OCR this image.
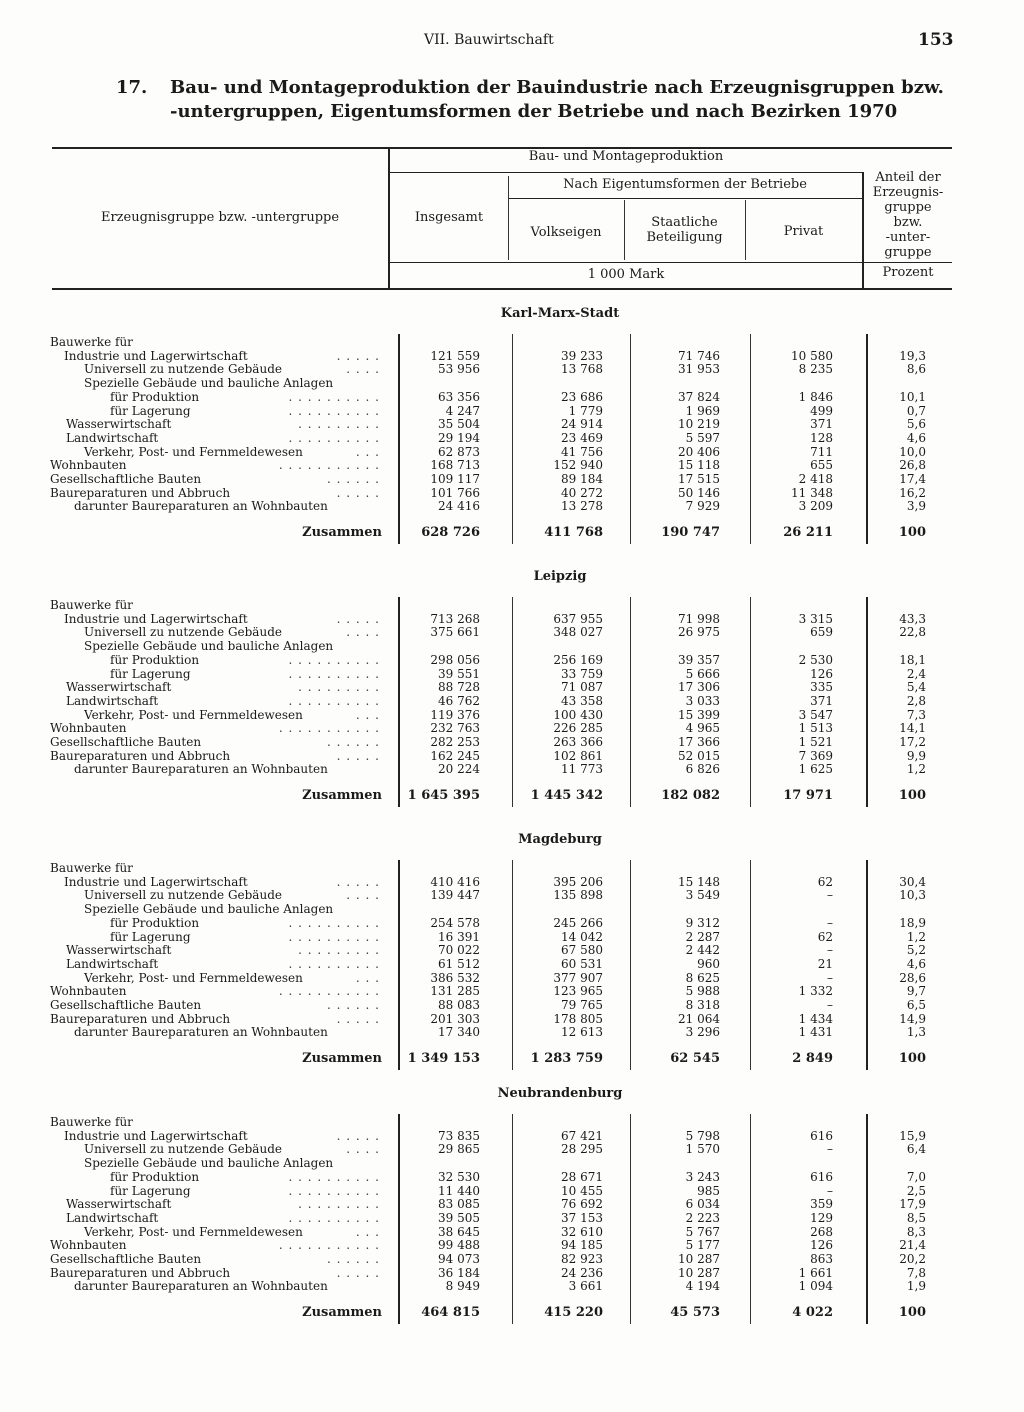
VII. Bauwirtschaft	153
17. Bau- und Montageproduktion der Bauindustrie nach Erzeugnisgruppen bzw.
-untergruppen, Eigentumsformen der Betriebe und nach Bezirken 1970
Erzeugnisgruppe bzw. -untergruppe
Bau- und Montageproduktion
Insgesamt
Nach Eigentumsformen der Betriebe
Volkseigen
Staatliche
Beteiligung	Privat
Anteil der
Erzeugnis-
gruppe
bzw.
-unter-
gruppe
1 000 Mark	Prozent
Karl-Marx-Stadt
Bauwerke für
Industrie und Lagerwirtschaft	. . . . .	121 559	39 233	71 746	10 580	19,3
Universell zu nutzende Gebäude	. . . .	53 956	13 768	31 953	8 235	8,6
Spezielle Gebäude und bauliche Anlagen
für Produktion	. . . . . . . . . .	63 356	23 686	37 824	1 846	10,1
für Lagerung	. . . . . . . . . .	4 247	1 779	1 969	499	0,7
Wasserwirtschaft	. . . . . . . . .	35 504	24 914	10 219	371	5,6
Landwirtschaft	. . . . . . . . . .	29 194	23 469	5 597	128	4,6
Verkehr, Post- und Fernmeldewesen	. . .	62 873	41 756	20 406	711	10,0
Wohnbauten	. . . . . . . . . . .	168 713	152 940	15 118	655	26,8
Gesellschaftliche Bauten	. . . . . .	109 117	89 184	17 515	2 418	17,4
Baureparaturen und Abbruch	. . . . .	101 766	40 272	50 146	11 348	16,2
darunter Baureparaturen an Wohnbauten	24 416	13 278	7 929	3 209	3,9
Zusammen	628 726	411 768	190 747	26 211	100
Leipzig
Bauwerke für
Industrie und Lagerwirtschaft	. . . . .	713 268	637 955	71 998	3 315	43,3
Universell zu nutzende Gebäude	. . . .	375 661	348 027	26 975	659	22,8
Spezielle Gebäude und bauliche Anlagen
für Produktion	. . . . . . . . . .	298 056	256 169	39 357	2 530	18,1
für Lagerung	. . . . . . . . . .	39 551	33 759	5 666	126	2,4
Wasserwirtschaft	. . . . . . . . .	88 728	71 087	17 306	335	5,4
Landwirtschaft	. . . . . . . . . .	46 762	43 358	3 033	371	2,8
Verkehr, Post- und Fernmeldewesen	. . .	119 376	100 430	15 399	3 547	7,3
Wohnbauten	. . . . . . . . . . .	232 763	226 285	4 965	1 513	14,1
Gesellschaftliche Bauten	. . . . . .	282 253	263 366	17 366	1 521	17,2
Baureparaturen und Abbruch	. . . . .	162 245	102 861	52 015	7 369	9,9
darunter Baureparaturen an Wohnbauten	20 224	11 773	6 826	1 625	1,2
Zusammen	1 645 395	1 445 342	182 082	17 971	100
Magdeburg
Bauwerke für
Industrie und Lagerwirtschaft	. . . . .	410 416	395 206	15 148	62	30,4
Universell zu nutzende Gebäude	. . . .	139 447	135 898	3 549	–	10,3
Spezielle Gebäude und bauliche Anlagen
für Produktion	. . . . . . . . . .	254 578	245 266	9 312	–	18,9
für Lagerung	. . . . . . . . . .	16 391	14 042	2 287	62	1,2
Wasserwirtschaft	. . . . . . . . .	70 022	67 580	2 442	–	5,2
Landwirtschaft	. . . . . . . . . .	61 512	60 531	960	21	4,6
Verkehr, Post- und Fernmeldewesen	. . .	386 532	377 907	8 625	–	28,6
Wohnbauten	. . . . . . . . . . .	131 285	123 965	5 988	1 332	9,7
Gesellschaftliche Bauten	. . . . . .	88 083	79 765	8 318	–	6,5
Baureparaturen und Abbruch	. . . . .	201 303	178 805	21 064	1 434	14,9
darunter Baureparaturen an Wohnbauten	17 340	12 613	3 296	1 431	1,3
Zusammen	1 349 153	1 283 759	62 545	2 849	100
Neubrandenburg
Bauwerke für
Industrie und Lagerwirtschaft	. . . . .	73 835	67 421	5 798	616	15,9
Universell zu nutzende Gebäude	. . . .	29 865	28 295	1 570	–	6,4
Spezielle Gebäude und bauliche Anlagen
für Produktion	. . . . . . . . . .	32 530	28 671	3 243	616	7,0
für Lagerung	. . . . . . . . . .	11 440	10 455	985	–	2,5
Wasserwirtschaft	. . . . . . . . .	83 085	76 692	6 034	359	17,9
Landwirtschaft	. . . . . . . . . .	39 505	37 153	2 223	129	8,5
Verkehr, Post- und Fernmeldewesen	. . .	38 645	32 610	5 767	268	8,3
Wohnbauten	. . . . . . . . . . .	99 488	94 185	5 177	126	21,4
Gesellschaftliche Bauten	. . . . . .	94 073	82 923	10 287	863	20,2
Baureparaturen und Abbruch	. . . . .	36 184	24 236	10 287	1 661	7,8
darunter Baureparaturen an Wohnbauten	8 949	3 661	4 194	1 094	1,9
Zusammen	464 815	415 220	45 573	4 022	100
